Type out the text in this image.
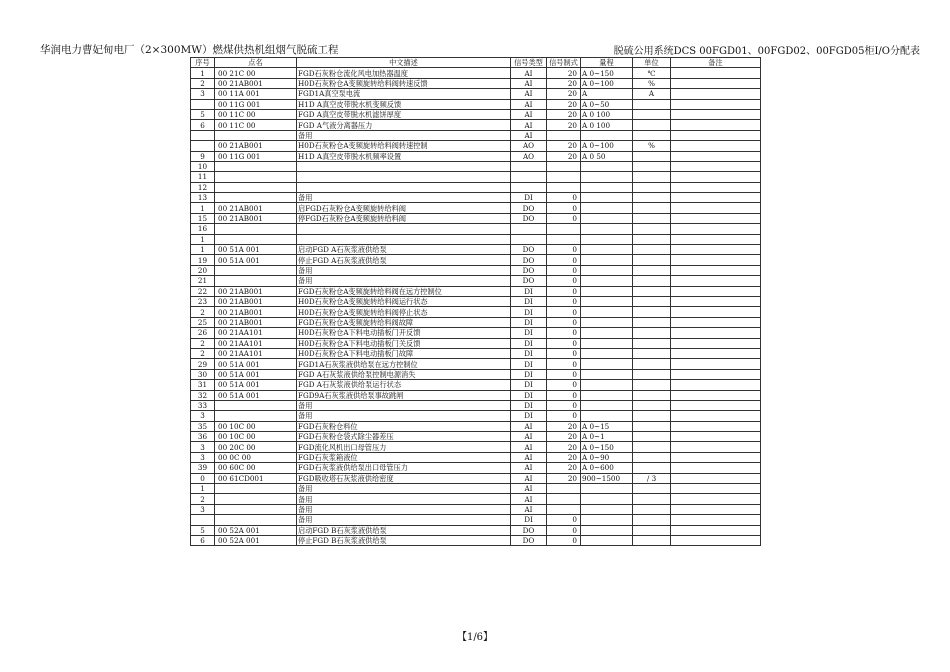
华润电力曹妃甸电厂（2×300MW）燃煤供热机组烟气脱硫工程	脱硫公用系统DCS 00FGD01、00FGD02、00FGD05柜I/O分配表
序号	点名	中文描述	信号类型	信号制式	量程	单位	备注
1	00 21C 00	FGD石灰粉仓流化风电加热器温度	AI	20	A 0~150	℃	
2	00 21AB001	H0D石灰粉仓A变频旋转给料阀转速反馈	AI	20	A 0~100	%	
3	00 11A 001	FGD1A真空泵电流	AI	20	A	A	
	00 11G 001	H1D A真空皮带脱水机变频反馈	AI	20	A 0~50		
5	00 11C 00	FGD A真空皮带脱水机滤饼厚度	AI	20	A 0 100		
6	00 11C 00	FGD A气液分离器压力	AI	20	A 0 100		
		备用	AI				
	00 21AB001	H0D石灰粉仓A变频旋转给料阀转速控制	AO	20	A 0~100	%	
9	00 11G 001	H1D A真空皮带脱水机频率设置	AO	20	A 0 50		
10							
11							
12							
13		备用	DI	0			
1	00 21AB001	启FGD石灰粉仓A变频旋转给料阀	DO	0			
15	00 21AB001	停FGD石灰粉仓A变频旋转给料阀	DO	0			
16							
1							
1	00 51A 001	启动FGD A石灰浆液供给泵	DO	0			
19	00 51A 001	停止FGD A石灰浆液供给泵	DO	0			
20		备用	DO	0			
21		备用	DO	0			
22	00 21AB001	FGD石灰粉仓A变频旋转给料阀在远方控制位	DI	0			
23	00 21AB001	H0D石灰粉仓A变频旋转给料阀运行状态	DI	0			
2	00 21AB001	H0D石灰粉仓A变频旋转给料阀停止状态	DI	0			
25	00 21AB001	FGD石灰粉仓A变频旋转给料阀故障	DI	0			
26	00 21AA101	H0D石灰粉仓A下料电动插板门开反馈	DI	0			
2	00 21AA101	H0D石灰粉仓A下料电动插板门关反馈	DI	0			
2	00 21AA101	H0D石灰粉仓A下料电动插板门故障	DI	0			
29	00 51A 001	FGD1A石灰浆液供给泵在远方控制位	DI	0			
30	00 51A 001	FGD A石灰浆液供给泵控制电源消失	DI	0			
31	00 51A 001	FGD A石灰浆液供给泵运行状态	DI	0			
32	00 51A 001	FGD9A石灰浆液供给泵事故跳闸	DI	0			
33		备用	DI	0			
3		备用	DI	0			
35	00 10C 00	FGD石灰粉仓料位	AI	20	A 0~15		
36	00 10C 00	FGD石灰粉仓袋式除尘器差压	AI	20	A 0~1		
3	00 20C 00	FGD流化风机出口母管压力	AI	20	A 0~150		
3	00 0C 00	FGD石灰浆箱液位	AI	20	A 0~90		
39	00 60C 00	FGD石灰浆液供给泵出口母管压力	AI	20	A 0~600		
0	00 61CD001	FGD吸收塔石灰浆液供给密度	AI	20	900~1500	/ 3	
1		备用	AI				
2		备用	AI				
3		备用	AI				
		备用	DI	0			
5	00 52A 001	启动FGD B石灰浆液供给泵	DO	0			
6	00 52A 001	停止FGD B石灰浆液供给泵	DO	0			
【1/6】
